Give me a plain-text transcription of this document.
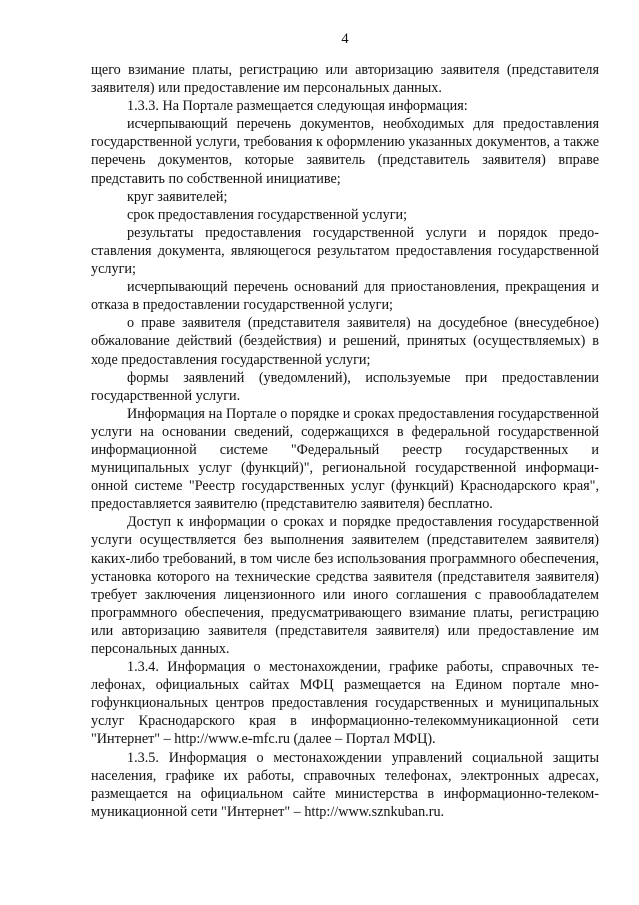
4

щего взимание платы, регистрацию или авторизацию заявителя (представителя заявителя) или предоставление им персональных данных.

1.3.3. На Портале размещается следующая информация:

исчерпывающий перечень документов, необходимых для предоставления государственной услуги, требования к оформлению указанных документов, а также перечень документов, которые заявитель (представитель заявителя) вправе представить по собственной инициативе;

круг заявителей;

срок предоставления государственной услуги;

результаты предоставления государственной услуги и порядок предоставления документа, являющегося результатом предоставления государственной услуги;

исчерпывающий перечень оснований для приостановления, прекращения и отказа в предоставлении государственной услуги;

о праве заявителя (представителя заявителя) на досудебное (внесудебное) обжалование действий (бездействия) и решений, принятых (осуществляемых) в ходе предоставления государственной услуги;

формы заявлений (уведомлений), используемые при предоставлении государственной услуги.

Информация на Портале о порядке и сроках предоставления государственной услуги на основании сведений, содержащихся в федеральной государственной информационной системе "Федеральный реестр государственных и муниципальных услуг (функций)", региональной государственной информационной системе "Реестр государственных услуг (функций) Краснодарского края", предоставляется заявителю (представителю заявителя) бесплатно.

Доступ к информации о сроках и порядке предоставления государственной услуги осуществляется без выполнения заявителем (представителем заявителя) каких-либо требований, в том числе без использования программного обеспечения, установка которого на технические средства заявителя (представителя заявителя) требует заключения лицензионного или иного соглашения с правообладателем программного обеспечения, предусматривающего взимание платы, регистрацию или авторизацию заявителя (представителя заявителя) или предоставление им персональных данных.

1.3.4. Информация о местонахождении, графике работы, справочных телефонах, официальных сайтах МФЦ размещается на Едином портале многофункциональных центров предоставления государственных и муниципальных услуг Краснодарского края в информационно-телекоммуникационной сети "Интернет" – http://www.e-mfc.ru (далее – Портал МФЦ).

1.3.5. Информация о местонахождении управлений социальной защиты населения, графике их работы, справочных телефонах, электронных адресах, размещается на официальном сайте министерства в информационно-телекоммуникационной сети "Интернет" – http://www.sznkuban.ru.
